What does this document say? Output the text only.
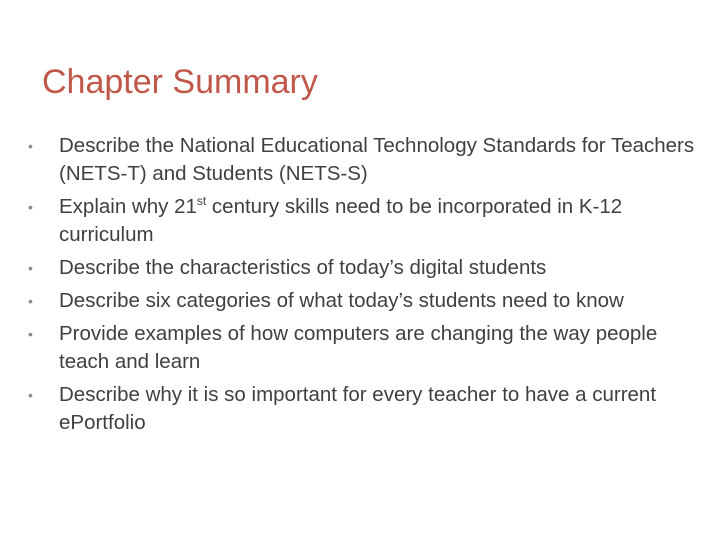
Chapter Summary
•	Describe the National Educational Technology Standards for Teachers (NETS-T) and Students (NETS-S)
•	Explain why 21st century skills need to be incorporated in K-12 curriculum
•	Describe the characteristics of today’s digital students
•	Describe six categories of what today’s students need to know
•	Provide examples of how computers are changing the way people teach and learn
•	Describe why it is so important for every teacher to have a current ePortfolio
